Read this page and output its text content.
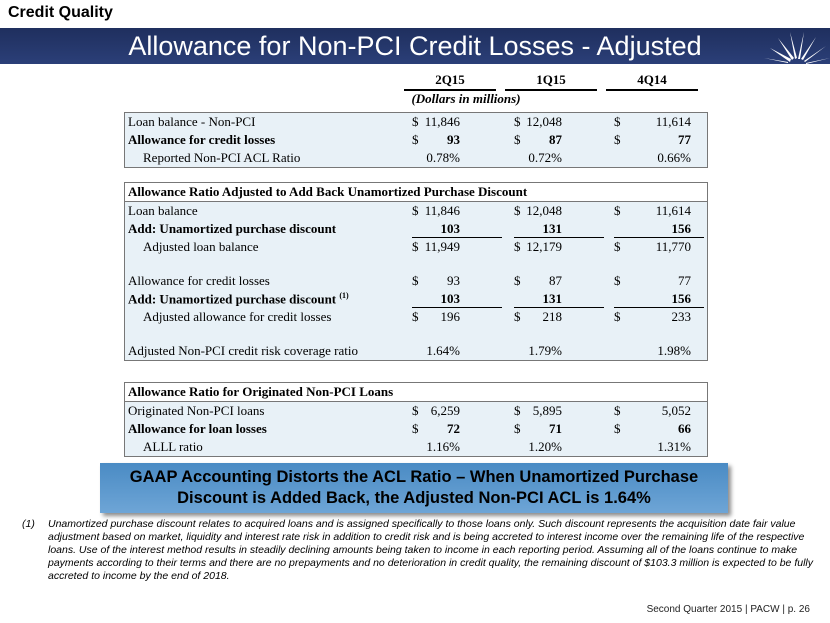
Credit Quality
Allowance for Non-PCI Credit Losses - Adjusted
2Q15	1Q15	4Q14
(Dollars in millions)
Loan balance - Non-PCI	$ 11,846	$ 12,048	$	11,614
Allowance for credit losses	$	93	$	87	$	77
Reported Non-PCI ACL Ratio	0.78%	0.72%	0.66%
Allowance Ratio Adjusted to Add Back Unamortized Purchase Discount
Loan balance	$ 11,846	$ 12,048	$	11,614
Add: Unamortized purchase discount	103	131	156
Adjusted loan balance	$ 11,949	$ 12,179	$	11,770
Allowance for credit losses	$	93	$	87	$	77
Add: Unamortized purchase discount $^{(1)}$	103	131	156
Adjusted allowance for credit losses	$	196	$	218	$	233
Adjusted Non-PCI credit risk coverage ratio	1.64%	1.79%	1.98%
Allowance Ratio for Originated Non-PCI Loans
Originated Non-PCI loans	$ 6,259	$ 5,895	$	5,052
Allowance for loan losses	$	72	$	71	$	66
ALLL ratio	1.16%	1.20%	1.31%
GAAP Accounting Distorts the ACL Ratio – When Unamortized Purchase
Discount is Added Back, the Adjusted Non-PCI ACL is 1.64%
(1) Unamortized purchase discount relates to acquired loans and is assigned specifically to those loans only. Such discount represents the acquisition date fair value adjustment based on market, liquidity and interest rate risk in addition to credit risk and is being accreted to interest income over the remaining life of the respective loans. Use of the interest method results in steadily declining amounts being taken to income in each reporting period. Assuming all of the loans continue to make payments according to their terms and there are no prepayments and no deterioration in credit quality, the remaining discount of $103.3 million is expected to be fully accreted to income by the end of 2018.
Second Quarter 2015 | PACW | p. 26
